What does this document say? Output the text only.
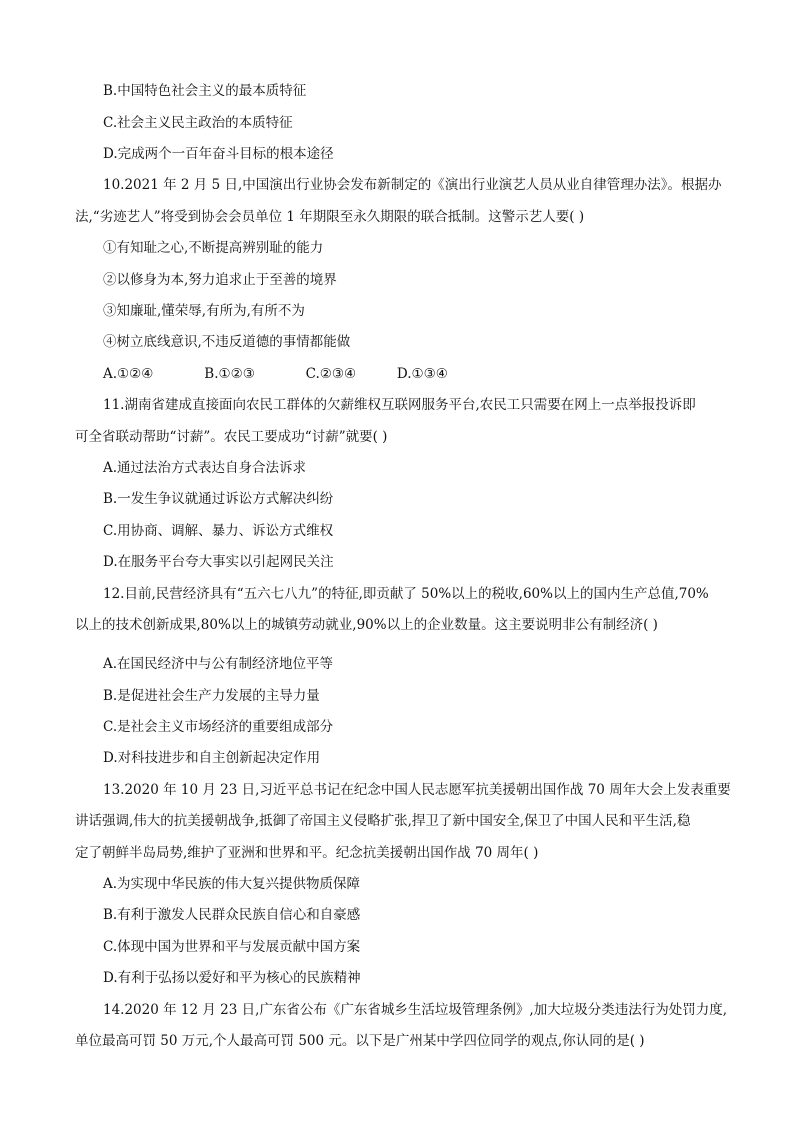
B.中国特色社会主义的最本质特征
C.社会主义民主政治的本质特征
D.完成两个一百年奋斗目标的根本途径
10.2021 年 2 月 5 日,中国演出行业协会发布新制定的《演出行业演艺人员从业自律管理办法》。根据办
法,“劣迹艺人”将受到协会会员单位 1 年期限至永久期限的联合抵制。这警示艺人要( )
①有知耻之心,不断提高辨别耻的能力
②以修身为本,努力追求止于至善的境界
③知廉耻,懂荣辱,有所为,有所不为
④树立底线意识,不违反道德的事情都能做
A.①②④	B.①②③	C.②③④	D.①③④
11.湖南省建成直接面向农民工群体的欠薪维权互联网服务平台,农民工只需要在网上一点举报投诉即
可全省联动帮助“讨薪”。农民工要成功“讨薪”就要( )
A.通过法治方式表达自身合法诉求
B.一发生争议就通过诉讼方式解决纠纷
C.用协商、调解、暴力、诉讼方式维权
D.在服务平台夸大事实以引起网民关注
12.目前,民营经济具有“五六七八九”的特征,即贡献了 50%以上的税收,60%以上的国内生产总值,70%
以上的技术创新成果,80%以上的城镇劳动就业,90%以上的企业数量。这主要说明非公有制经济( )
A.在国民经济中与公有制经济地位平等
B.是促进社会生产力发展的主导力量
C.是社会主义市场经济的重要组成部分
D.对科技进步和自主创新起决定作用
13.2020 年 10 月 23 日,习近平总书记在纪念中国人民志愿军抗美援朝出国作战 70 周年大会上发表重要
讲话强调,伟大的抗美援朝战争,抵御了帝国主义侵略扩张,捍卫了新中国安全,保卫了中国人民和平生活,稳
定了朝鲜半岛局势,维护了亚洲和世界和平。纪念抗美援朝出国作战 70 周年( )
A.为实现中华民族的伟大复兴提供物质保障
B.有利于激发人民群众民族自信心和自豪感
C.体现中国为世界和平与发展贡献中国方案
D.有利于弘扬以爱好和平为核心的民族精神
14.2020 年 12 月 23 日,广东省公布《广东省城乡生活垃圾管理条例》,加大垃圾分类违法行为处罚力度,
单位最高可罚 50 万元,个人最高可罚 500 元。以下是广州某中学四位同学的观点,你认同的是( )
